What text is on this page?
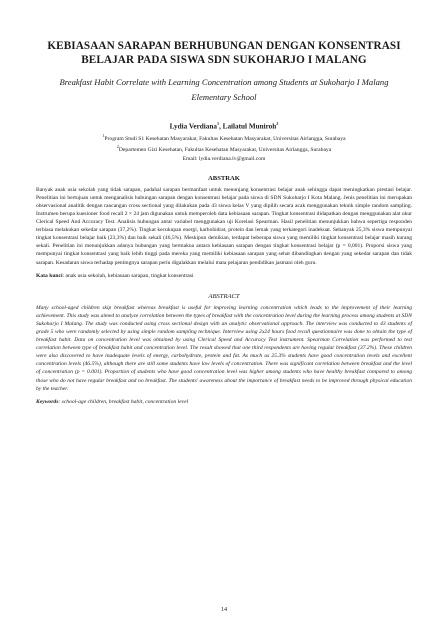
KEBIASAAN SARAPAN BERHUBUNGAN DENGAN KONSENTRASI
BELAJAR PADA SISWA SDN SUKOHARJO I MALANG
Breakfast Habit Correlate with Learning Concentration among Students at Sukoharjo I Malang
Elementary School
Lydia Verdiana$^1$, Lailatul Muniroh$^2$
$^1$Program Studi S1 Kesehatan Masyarakat, Fakultas Kesehatan Masyarakat, Universitas Airlangga, Surabaya
$^2$Departemen Gizi Kesehatan, Fakultas Kesehatan Masyarakat, Universitas Airlangga, Surabaya
Email: lydia.verdiana.lv@gmail.com
ABSTRAK
Banyak anak usia sekolah yang tidak sarapan, padahal sarapan bermanfaat untuk menunjang konsentrasi belajar anak sehingga dapat meningkatkan prestasi belajar. Penelitian ini bertujuan untuk menganalisis hubungan sarapan dengan konsentrasi belajar pada siswa di SDN Sukoharjo I Kota Malang. Jenis penelitian ini merupakan observasional analitik dengan rancangan cross sectional yang dilakukan pada 43 siswa kelas V yang dipilih secara acak menggunakan teknik simple random sampling. Instrumen berupa kuesioner food recall 2 × 24 jam digunakan untuk memperoleh data kebiasaan sarapan. Tingkat konsentrasi didapatkan dengan menggunakan alat ukur Clerical Speed And Accuracy Test. Analisis hubungan antar variabel menggunakan uji Korelasi Spearman. Hasil penelitian menunjukkan bahwa sepertiga responden terbiasa melakukan sekedar sarapan (37,2%). Tingkat kecukupan energi, karbohidrat, protein dan lemak yang terkategori inadekuat. Sebanyak 25,3% siswa mempunyai tingkat konsentrasi belajar baik (23,3%) dan baik sekali (46,5%). Meskipun demikian, terdapat beberapa siswa yang memiliki tingkat konsentrasi belajar masih kurang sekali. Penelitian ini menunjukkan adanya hubungan yang bermakna antara kebiasaan sarapan dengan tingkat konsentrasi belajar (p = 0,001). Proporsi siswa yang mempunyai tingkat konsentrasi yang baik lebih tinggi pada mereka yang memiliki kebiasaan sarapan yang sehat dibandingkan dengan yang sekedar sarapan dan tidak sarapan. Kesadaran siswa terhadap pentingnya sarapan perlu digalakkan melalui mata pelajaran pendidikan jasmani oleh guru.
Kata kunci: anak usia sekolah, kebiasaan sarapan, tingkat konsentrasi
ABSTRACT
Many school-aged children skip breakfast whereas breakfast is useful for improving learning concentration which leads to the improvement of their learning achievement. This study was aimed to analyze correlation between the types of breakfast with the concentration level during the learning process among students at SDN Sukoharjo I Malang. The study was conducted using cross sectional design with an analytic observational approach. The interview was conducted to 43 students of grade 5 who were randomly selected by using simple random sampling technique. Interview using 2x24 hours food recall questionnaire was done to obtain the type of breakfast habit. Data on concentration level was obtained by using Clerical Speed and Accuracy Test instrument. Spearman Correlation was performed to test correlation between type of breakfast habit and concentration level. The result showed that one third respondents are having regular breakfast (37.2%). These children were also discovered to have inadequate levels of energy, carbohydrate, protein and fat. As much as 25.3% students have good concentration levels and excellent concentration levels (46.5%), although there are still some students have low levels of concentration. There was significant correlation between breakfast and the level of concentration (p = 0.001). Proportion of students who have good concentration level was higher among students who have healthy breakfast compared to among those who do not have regular breakfast and no breakfast. The students' awareness about the importance of breakfast needs to be improved through physical education by the teacher.
Keywords: school-age children, breakfast habit, concentration level
14
